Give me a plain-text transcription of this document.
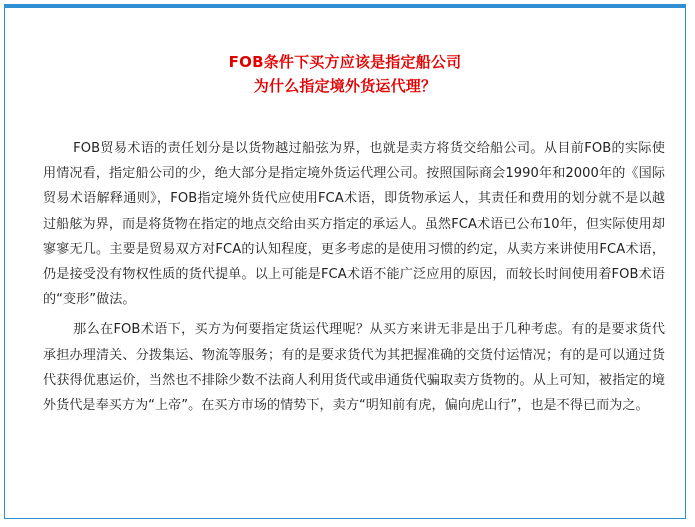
FOB条件下买方应该是指定船公司
为什么指定境外货运代理？

FOB贸易术语的责任划分是以货物越过船弦为界，也就是卖方将货交给船公司。从目前FOB的实际使用情况看，指定船公司的少，绝大部分是指定境外货运代理公司。按照国际商会1990年和2000年的《国际贸易术语解释通则》，FOB指定境外货代应使用FCA术语，即货物承运人，其责任和费用的划分就不是以越过船舷为界，而是将货物在指定的地点交给由买方指定的承运人。虽然FCA术语已公布10年，但实际使用却寥寥无几。主要是贸易双方对FCA的认知程度，更多考虑的是使用习惯的约定，从卖方来讲使用FCA术语，仍是接受没有物权性质的货代提单。以上可能是FCA术语不能广泛应用的原因，而较长时间使用着FOB术语的“变形”做法。

那么在FOB术语下，买方为何要指定货运代理呢？从买方来讲无非是出于几种考虑。有的是要求货代承担办理清关、分拨集运、物流等服务；有的是要求货代为其把握准确的交货付运情况；有的是可以通过货代获得优惠运价，当然也不排除少数不法商人利用货代或串通货代骗取卖方货物的。从上可知，被指定的境外货代是奉买方为“上帝”。在买方市场的情势下，卖方“明知前有虎，偏向虎山行”，也是不得已而为之。
